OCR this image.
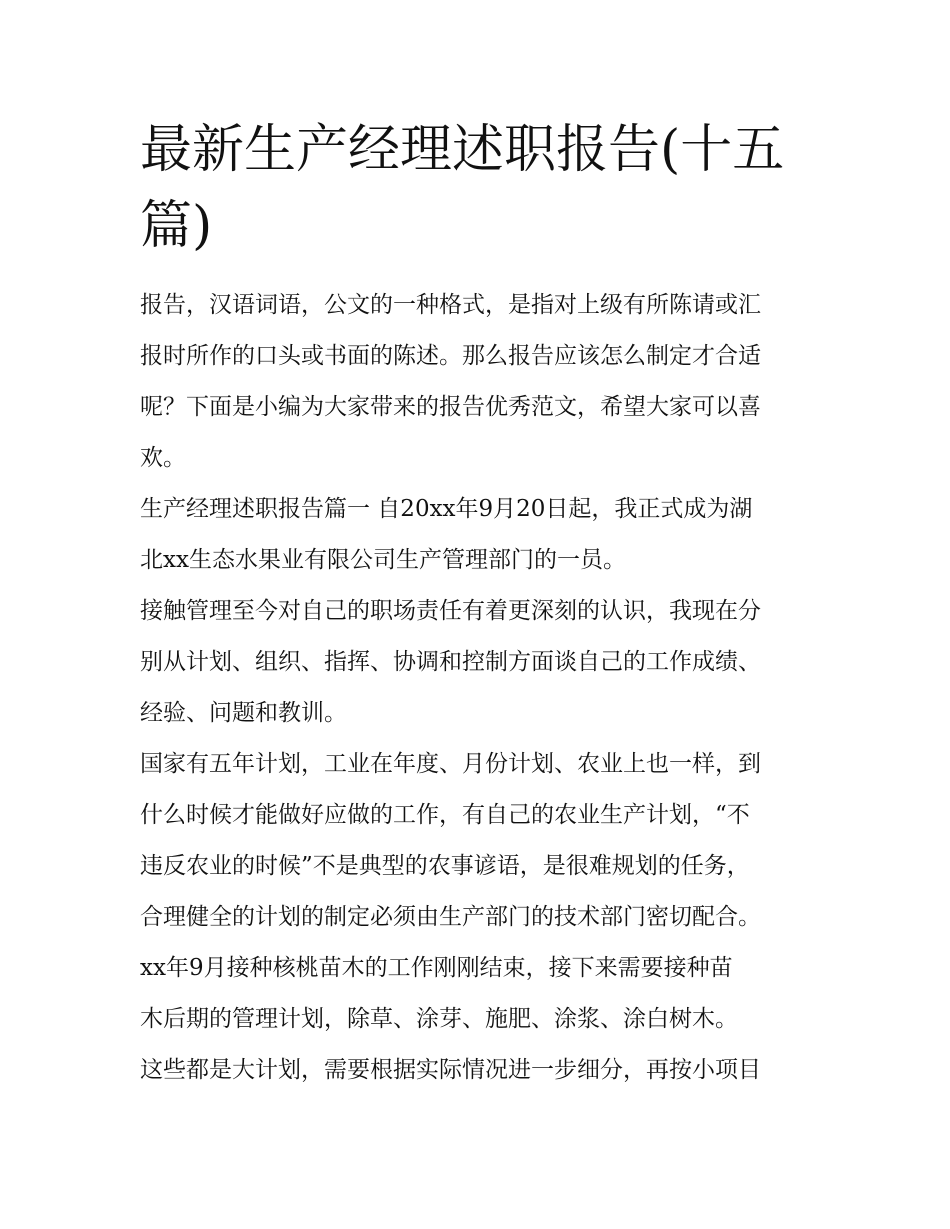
最新生产经理述职报告(十五
篇)

报告，汉语词语，公文的一种格式，是指对上级有所陈请或汇
报时所作的口头或书面的陈述。那么报告应该怎么制定才合适
呢？下面是小编为大家带来的报告优秀范文，希望大家可以喜
欢。

生产经理述职报告篇一 自20xx年9月20日起，我正式成为湖
北xx生态水果业有限公司生产管理部门的一员。

接触管理至今对自己的职场责任有着更深刻的认识，我现在分
别从计划、组织、指挥、协调和控制方面谈自己的工作成绩、
经验、问题和教训。

国家有五年计划，工业在年度、月份计划、农业上也一样，到
什么时候才能做好应做的工作，有自己的农业生产计划，“不
违反农业的时候”不是典型的农事谚语，是很难规划的任务，
合理健全的计划的制定必须由生产部门的技术部门密切配合。
xx年9月接种核桃苗木的工作刚刚结束，接下来需要接种苗
木后期的管理计划，除草、涂芽、施肥、涂浆、涂白树木。
这些都是大计划，需要根据实际情况进一步细分，再按小项目
